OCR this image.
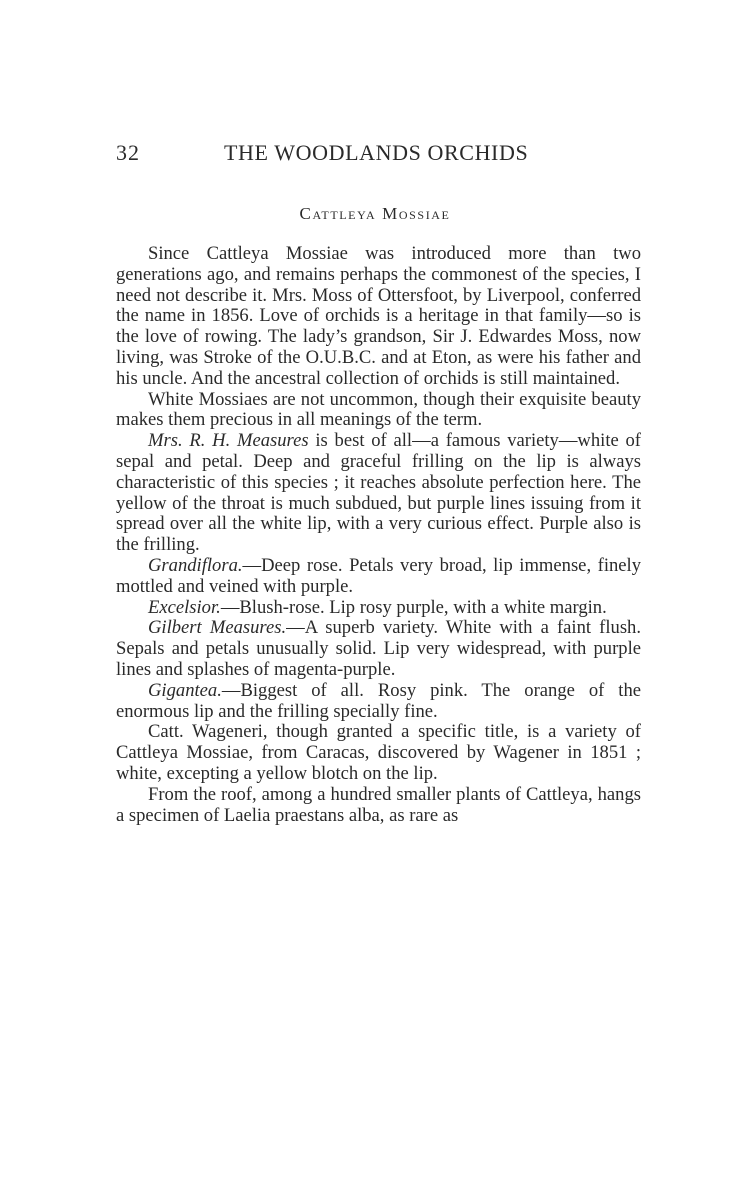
32	THE WOODLANDS ORCHIDS
Cattleya Mossiae

Since Cattleya Mossiae was introduced more than two generations ago, and remains perhaps the commonest of the species, I need not describe it. Mrs. Moss of Ottersfoot, by Liverpool, conferred the name in 1856. Love of orchids is a heritage in that family—so is the love of rowing. The lady’s grandson, Sir J. Edwardes Moss, now living, was Stroke of the O.U.B.C. and at Eton, as were his father and his uncle. And the ancestral collection of orchids is still maintained.

White Mossiaes are not uncommon, though their exquisite beauty makes them precious in all meanings of the term.

Mrs. R. H. Measures is best of all—a famous variety—white of sepal and petal. Deep and graceful frilling on the lip is always characteristic of this species ; it reaches absolute perfection here. The yellow of the throat is much subdued, but purple lines issuing from it spread over all the white lip, with a very curious effect. Purple also is the frilling.

Grandiflora.—Deep rose. Petals very broad, lip immense, finely mottled and veined with purple.

Excelsior.—Blush-rose. Lip rosy purple, with a white margin.

Gilbert Measures.—A superb variety. White with a faint flush. Sepals and petals unusually solid. Lip very widespread, with purple lines and splashes of magenta-purple.

Gigantea.—Biggest of all. Rosy pink. The orange of the enormous lip and the frilling specially fine.

Catt. Wageneri, though granted a specific title, is a variety of Cattleya Mossiae, from Caracas, discovered by Wagener in 1851 ; white, excepting a yellow blotch on the lip.

From the roof, among a hundred smaller plants of Cattleya, hangs a specimen of Laelia praestans alba, as rare as
